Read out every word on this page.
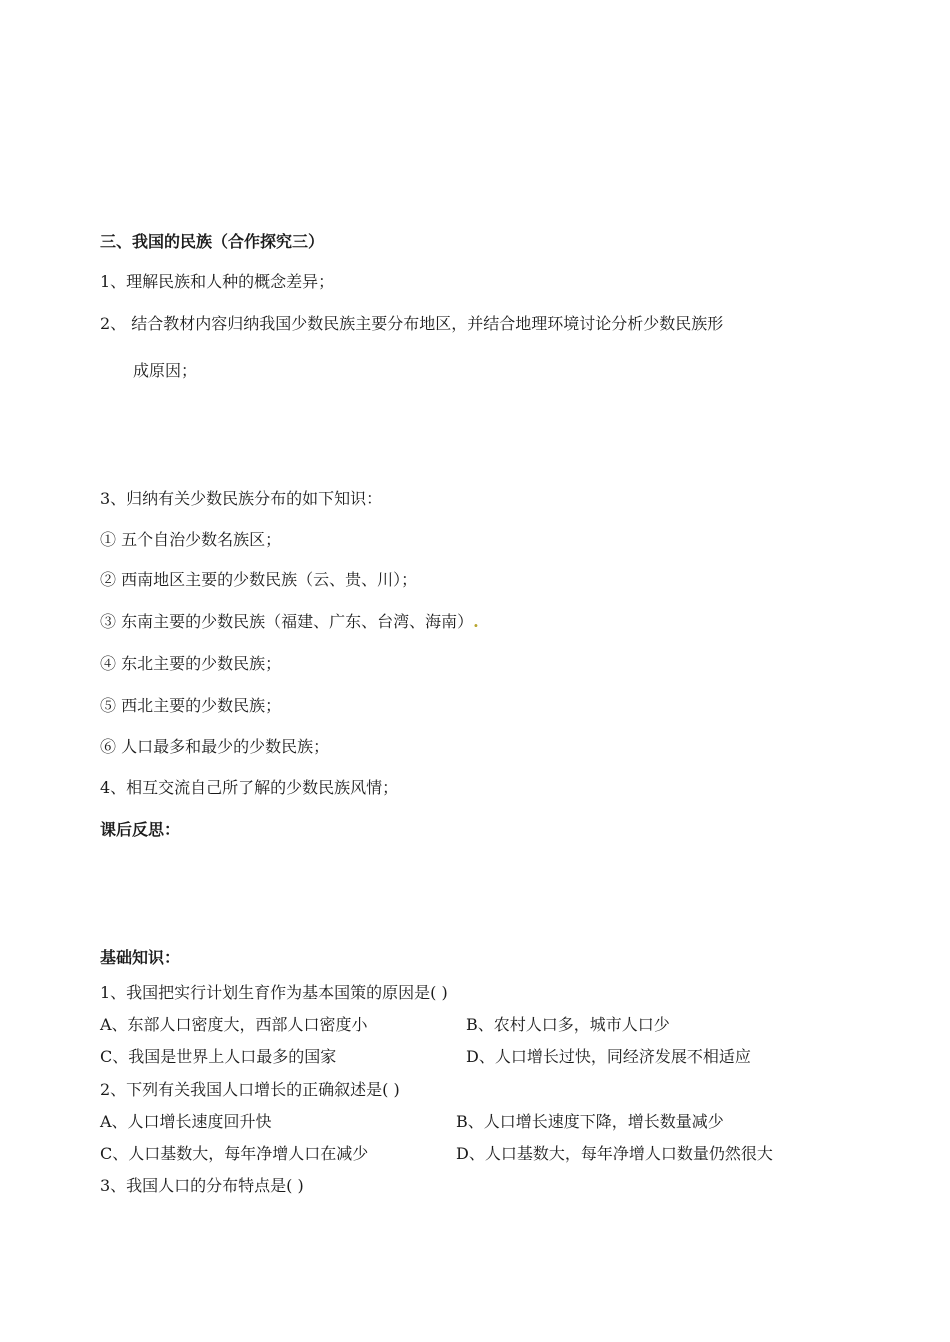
三、我国的民族（合作探究三）
1、理解民族和人种的概念差异；
2、 结合教材内容归纳我国少数民族主要分布地区，并结合地理环境讨论分析少数民族形
成原因；
3、归纳有关少数民族分布的如下知识：
① 五个自治少数名族区；
② 西南地区主要的少数民族（云、贵、川）；
③ 东南主要的少数民族（福建、广东、台湾、海南）.
④ 东北主要的少数民族；
⑤ 西北主要的少数民族；
⑥ 人口最多和最少的少数民族；
4、相互交流自己所了解的少数民族风情；
课后反思：
基础知识：
1、我国把实行计划生育作为基本国策的原因是( )
A、东部人口密度大，西部人口密度小	B、农村人口多，城市人口少
C、我国是世界上人口最多的国家	D、人口增长过快，同经济发展不相适应
2、下列有关我国人口增长的正确叙述是( )
A、人口增长速度回升快	B、人口增长速度下降，增长数量减少
C、人口基数大，每年净增人口在减少	D、人口基数大，每年净增人口数量仍然很大
3、我国人口的分布特点是( )
